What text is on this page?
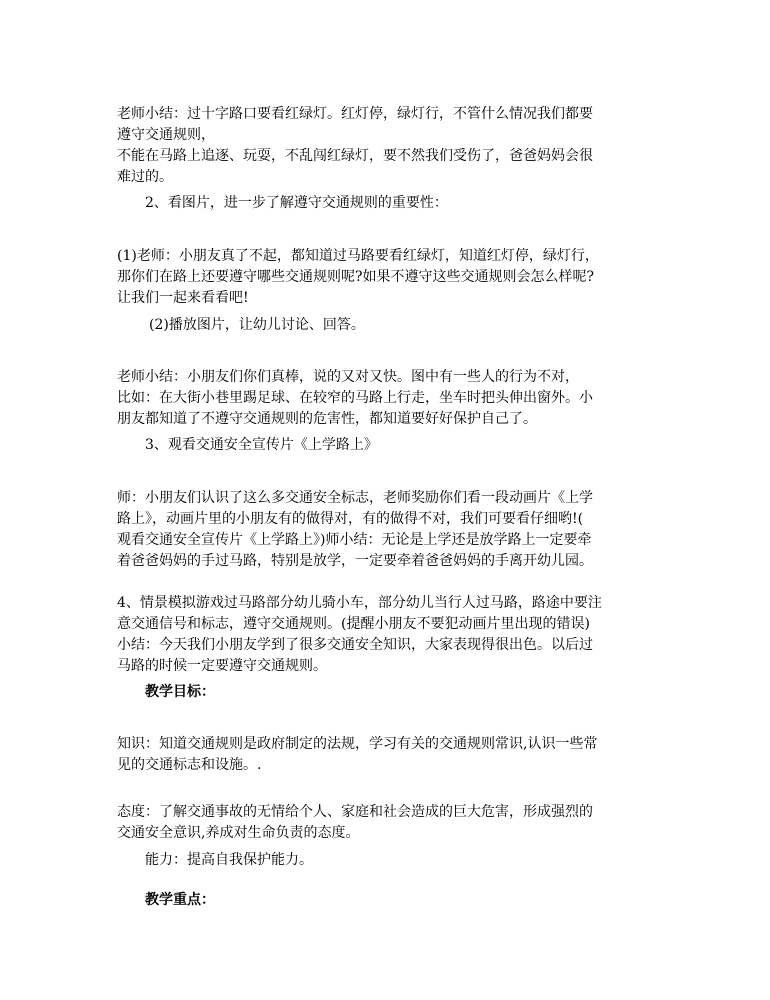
老师小结：过十字路口要看红绿灯。红灯停，绿灯行，不管什么情况我们都要
遵守交通规则，
不能在马路上追逐、玩耍，不乱闯红绿灯，要不然我们受伤了，爸爸妈妈会很
难过的。
2、看图片，进一步了解遵守交通规则的重要性：
(1)老师：小朋友真了不起，都知道过马路要看红绿灯，知道红灯停，绿灯行，
那你们在路上还要遵守哪些交通规则呢?如果不遵守这些交通规则会怎么样呢?
让我们一起来看看吧!
(2)播放图片，让幼儿讨论、回答。
老师小结：小朋友们你们真棒，说的又对又快。图中有一些人的行为不对，
比如：在大街小巷里踢足球、在较窄的马路上行走，坐车时把头伸出窗外。小
朋友都知道了不遵守交通规则的危害性，都知道要好好保护自己了。
3、观看交通安全宣传片《上学路上》
师：小朋友们认识了这么多交通安全标志，老师奖励你们看一段动画片《上学
路上》，动画片里的小朋友有的做得对，有的做得不对，我们可要看仔细哟!(
观看交通安全宣传片《上学路上》)师小结：无论是上学还是放学路上一定要牵
着爸爸妈妈的手过马路，特别是放学，一定要牵着爸爸妈妈的手离开幼儿园。
4、情景模拟游戏过马路部分幼儿骑小车，部分幼儿当行人过马路，路途中要注
意交通信号和标志，遵守交通规则。(提醒小朋友不要犯动画片里出现的错误)
小结：今天我们小朋友学到了很多交通安全知识，大家表现得很出色。以后过
马路的时候一定要遵守交通规则。
教学目标：
知识：知道交通规则是政府制定的法规，学习有关的交通规则常识,认识一些常
见的交通标志和设施。.
态度：了解交通事故的无情给个人、家庭和社会造成的巨大危害，形成强烈的
交通安全意识,养成对生命负责的态度。
能力：提高自我保护能力。
教学重点：
